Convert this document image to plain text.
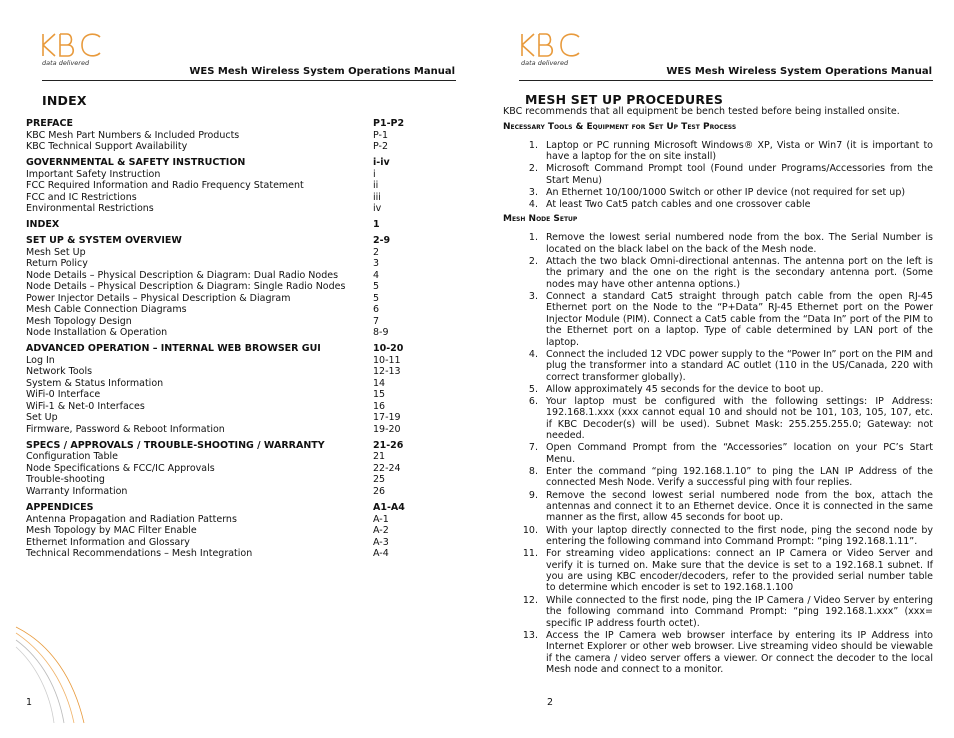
data delivered
WES Mesh Wireless System Operations Manual
INDEX
PREFACE	P1-P2
KBC Mesh Part Numbers & Included Products	P-1
KBC Technical Support Availability	P-2
GOVERNMENTAL & SAFETY INSTRUCTION	i-iv
Important Safety Instruction	i
FCC Required Information and Radio Frequency Statement	ii
FCC and IC Restrictions	iii
Environmental Restrictions	iv
INDEX	1
SET UP & SYSTEM OVERVIEW	2-9
Mesh Set Up	2
Return Policy	3
Node Details – Physical Description & Diagram: Dual Radio Nodes	4
Node Details – Physical Description & Diagram: Single Radio Nodes	5
Power Injector Details – Physical Description & Diagram	5
Mesh Cable Connection Diagrams	6
Mesh Topology Design	7
Node Installation & Operation	8-9
ADVANCED OPERATION – INTERNAL WEB BROWSER GUI	10-20
Log In	10-11
Network Tools	12-13
System & Status Information	14
WiFi-0 Interface	15
WiFi-1 & Net-0 Interfaces	16
Set Up	17-19
Firmware, Password & Reboot Information	19-20
SPECS / APPROVALS / TROUBLE-SHOOTING / WARRANTY	21-26
Configuration Table	21
Node Specifications & FCC/IC Approvals	22-24
Trouble-shooting	25
Warranty Information	26
APPENDICES	A1-A4
Antenna Propagation and Radiation Patterns	A-1
Mesh Topology by MAC Filter Enable	A-2
Ethernet Information and Glossary	A-3
Technical Recommendations – Mesh Integration	A-4
1
data delivered
WES Mesh Wireless System Operations Manual
MESH SET UP PROCEDURES

KBC recommends that all equipment be bench tested before being installed onsite.

Necessary Tools & Equipment for Set Up Test Process
1. Laptop or PC running Microsoft Windows® XP, Vista or Win7 (it is important to have a laptop for the on site install)
2. Microsoft Command Prompt tool (Found under Programs/Accessories from the Start Menu)
3. An Ethernet 10/100/1000 Switch or other IP device (not required for set up)
4. At least Two Cat5 patch cables and one crossover cable
Mesh Node Setup
1. Remove the lowest serial numbered node from the box. The Serial Number is located on the black label on the back of the Mesh node.
2. Attach the two black Omni-directional antennas. The antenna port on the left is the primary and the one on the right is the secondary antenna port. (Some nodes may have other antenna options.)
3. Connect a standard Cat5 straight through patch cable from the open RJ-45 Ethernet port on the Node to the “P+Data” RJ-45 Ethernet port on the Power Injector Module (PIM). Connect a Cat5 cable from the “Data In” port of the PIM to the Ethernet port on a laptop. Type of cable determined by LAN port of the laptop.
4. Connect the included 12 VDC power supply to the “Power In” port on the PIM and plug the transformer into a standard AC outlet (110 in the US/Canada, 220 with correct transformer globally).
5. Allow approximately 45 seconds for the device to boot up.
6. Your laptop must be configured with the following settings: IP Address: 192.168.1.xxx (xxx cannot equal 10 and should not be 101, 103, 105, 107, etc. if KBC Decoder(s) will be used). Subnet Mask: 255.255.255.0; Gateway: not needed.
7. Open Command Prompt from the “Accessories” location on your PC’s Start Menu.
8. Enter the command “ping 192.168.1.10” to ping the LAN IP Address of the connected Mesh Node. Verify a successful ping with four replies.
9. Remove the second lowest serial numbered node from the box, attach the antennas and connect it to an Ethernet device. Once it is connected in the same manner as the first, allow 45 seconds for boot up.
10. With your laptop directly connected to the first node, ping the second node by entering the following command into Command Prompt: “ping 192.168.1.11”.
11. For streaming video applications: connect an IP Camera or Video Server and verify it is turned on. Make sure that the device is set to a 192.168.1 subnet. If you are using KBC encoder/decoders, refer to the provided serial number table to determine which encoder is set to 192.168.1.100
12. While connected to the first node, ping the IP Camera / Video Server by entering the following command into Command Prompt: “ping 192.168.1.xxx” (xxx= specific IP address fourth octet).
13. Access the IP Camera web browser interface by entering its IP Address into Internet Explorer or other web browser. Live streaming video should be viewable if the camera / video server offers a viewer. Or connect the decoder to the local Mesh node and connect to a monitor.
2
